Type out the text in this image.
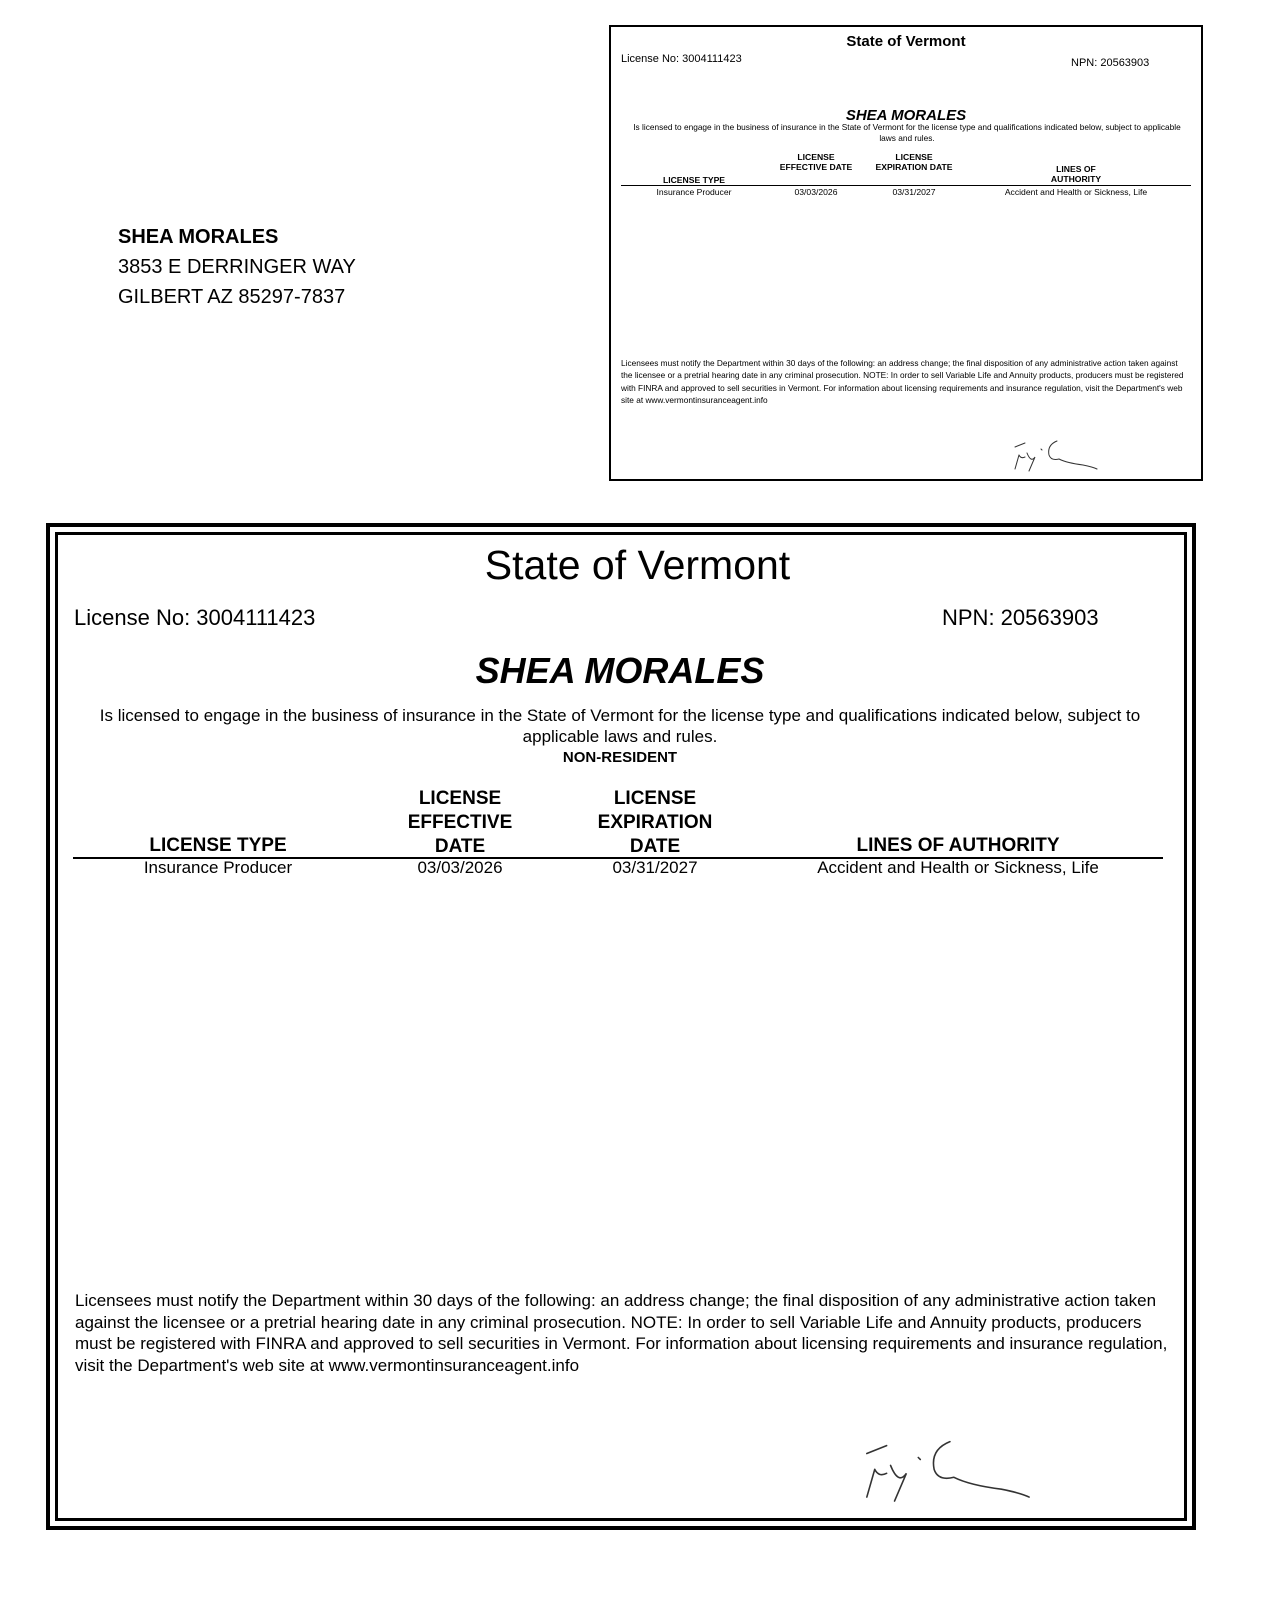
SHEA MORALES
3853 E DERRINGER WAY
GILBERT AZ 85297-7837
State of Vermont
License No: 3004111423	NPN: 20563903
SHEA MORALES
Is licensed to engage in the business of insurance in the State of Vermont for the license type and qualifications indicated below, subject to applicable laws and rules.
LICENSE TYPE
LICENSE
EFFECTIVE DATE
LICENSE
EXPIRATION DATE	LINES OF
AUTHORITY
Insurance Producer	03/03/2026	03/31/2027	Accident and Health or Sickness, Life
Licensees must notify the Department within 30 days of the following: an address change; the final disposition of any administrative action taken against the licensee or a pretrial hearing date in any criminal prosecution. NOTE: In order to sell Variable Life and Annuity products, producers must be registered with FINRA and approved to sell securities in Vermont. For information about licensing requirements and insurance regulation, visit the Department's web site at www.vermontinsuranceagent.info
State of Vermont
License No: 3004111423	NPN: 20563903
SHEA MORALES
Is licensed to engage in the business of insurance in the State of Vermont for the license type and qualifications indicated below, subject to applicable laws and rules.
NON-RESIDENT
LICENSE TYPE
LICENSE
EFFECTIVE
DATE
LICENSE
EXPIRATION
DATE	LINES OF AUTHORITY
Insurance Producer	03/03/2026	03/31/2027	Accident and Health or Sickness, Life
Licensees must notify the Department within 30 days of the following: an address change; the final disposition of any administrative action taken against the licensee or a pretrial hearing date in any criminal prosecution. NOTE: In order to sell Variable Life and Annuity products, producers must be registered with FINRA and approved to sell securities in Vermont. For information about licensing requirements and insurance regulation, visit the Department's web site at www.vermontinsuranceagent.info
